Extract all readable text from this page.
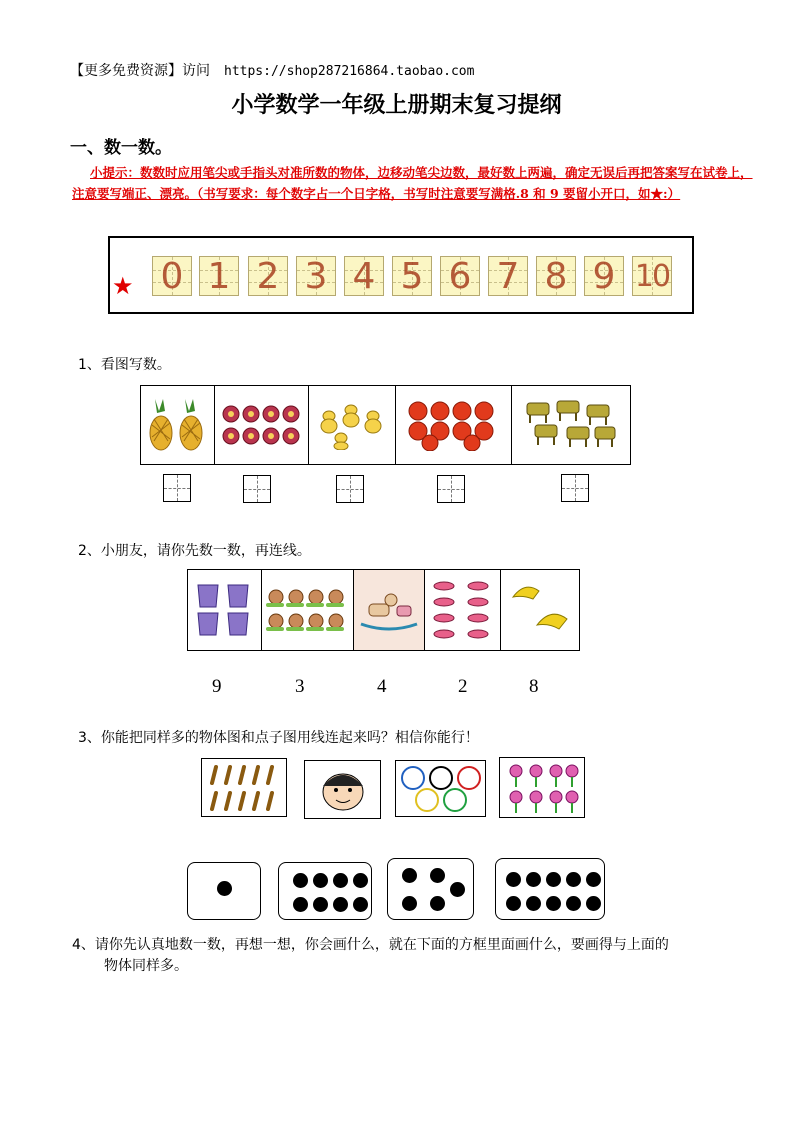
【更多免费资源】访问 https://shop287216864.taobao.com
小学数学一年级上册期末复习提纲
一、数一数。
小提示：数数时应用笔尖或手指头对准所数的物体，边移动笔尖边数，最好数上两遍，确定无误后再把答案写在试卷上，注意要写端正、漂亮。（书写要求：每个数字占一个日字格，书写时注意要写满格.8 和 9 要留小开口，如★:）
★ 0 1 2 3 4 5 6 7 8 9 10
1、看图写数。
2、小朋友，请你先数一数，再连线。
9	3	4	2	8
3、你能把同样多的物体图和点子图用线连起来吗？相信你能行！
4、请你先认真地数一数，再想一想，你会画什么，就在下面的方框里面画什么，要画得与上面的
物体同样多。
